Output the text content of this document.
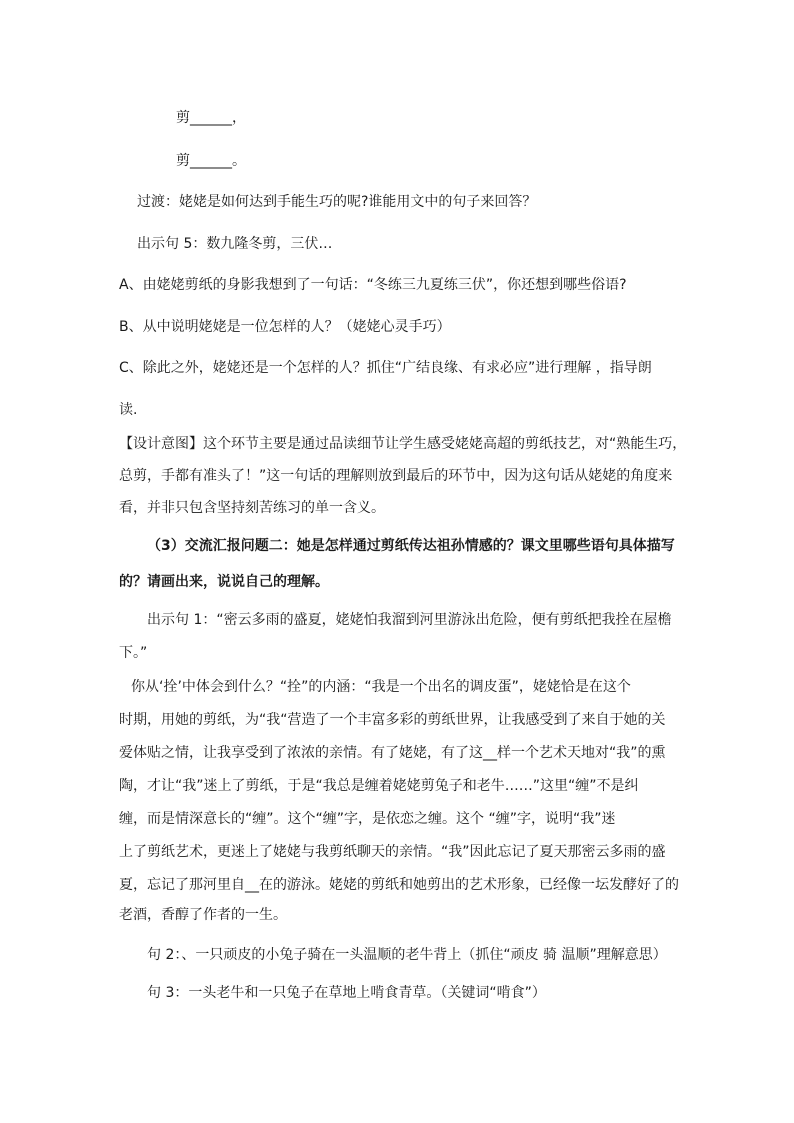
剪______，
剪______。
过渡：姥姥是如何达到手能生巧的呢?谁能用文中的句子来回答？
出示句 5：数九隆冬剪，三伏…
A、由姥姥剪纸的身影我想到了一句话：“冬练三九夏练三伏”，你还想到哪些俗语?
B、从中说明姥姥是一位怎样的人？（姥姥心灵手巧）
C、除此之外，姥姥还是一个怎样的人？抓住“广结良缘、有求必应”进行理解 ，指导朗
读.
【设计意图】这个环节主要是通过品读细节让学生感受姥姥高超的剪纸技艺，对“熟能生巧，
总剪，手都有准头了！”这一句话的理解则放到最后的环节中，因为这句话从姥姥的角度来
看，并非只包含坚持刻苦练习的单一含义。
（3）交流汇报问题二：她是怎样通过剪纸传达祖孙情感的？课文里哪些语句具体描写
的？请画出来，说说自己的理解。
出示句 1：“密云多雨的盛夏，姥姥怕我溜到河里游泳出危险，便有剪纸把我拴在屋檐
下。”
你从‘拴’中体会到什么？“拴”的内涵：“我是一个出名的调皮蛋”，姥姥恰是在这个
时期，用她的剪纸，为“我“营造了一个丰富多彩的剪纸世界，让我感受到了来自于她的关
爱体贴之情，让我享受到了浓浓的亲情。有了姥姥，有了这__样一个艺术天地对“我”的熏
陶，才让“我”迷上了剪纸，于是“我总是缠着姥姥剪兔子和老牛……”这里“缠”不是纠
缠，而是情深意长的“缠”。这个“缠”字，是依恋之缠。这个 “缠”字，说明“我”迷
上了剪纸艺术，更迷上了姥姥与我剪纸聊天的亲情。“我”因此忘记了夏天那密云多雨的盛
夏，忘记了那河里自__在的游泳。姥姥的剪纸和她剪出的艺术形象，已经像一坛发酵好了的
老酒，香醇了作者的一生。
句 2：、一只顽皮的小兔子骑在一头温顺的老牛背上（抓住“顽皮 骑 温顺”理解意思）
句 3：一头老牛和一只兔子在草地上啃食青草。（关键词“啃食”）
